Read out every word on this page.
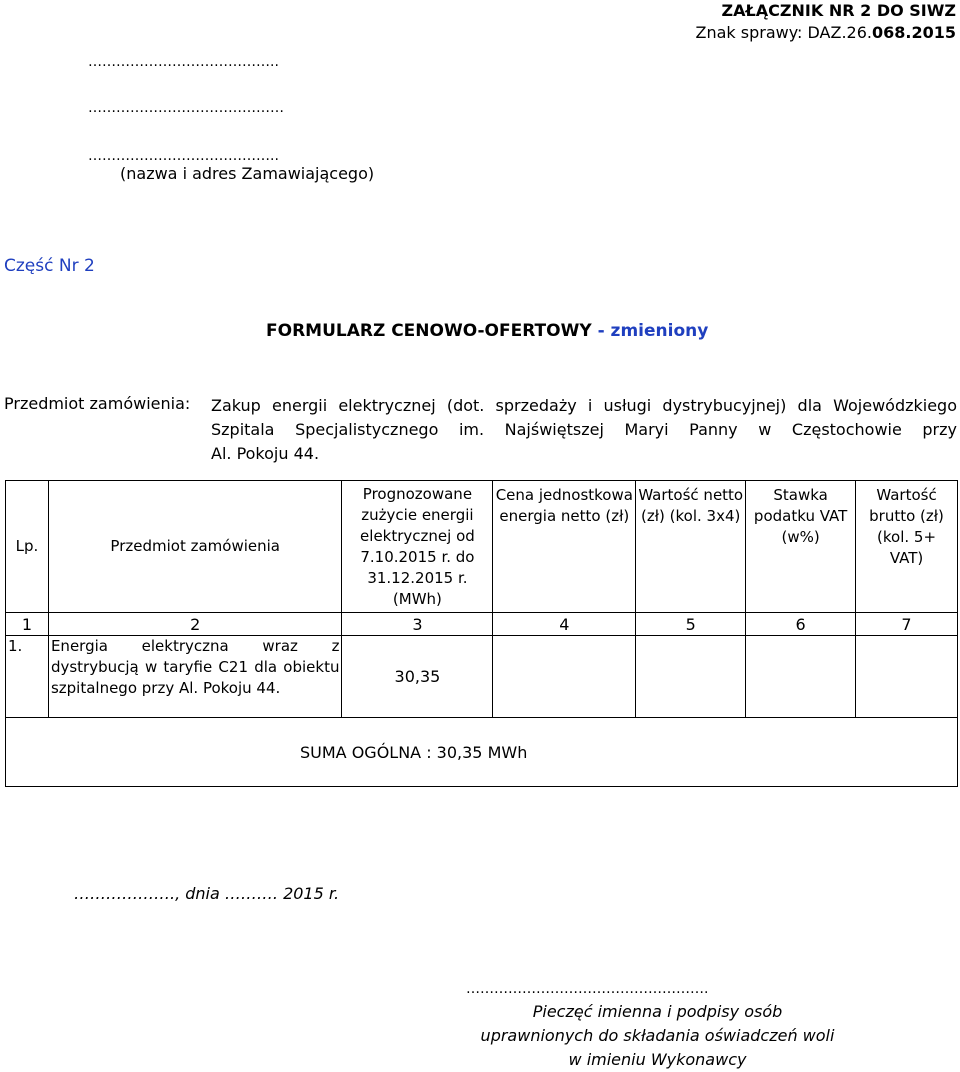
ZAŁĄCZNIK NR 2 DO SIWZ
Znak sprawy: DAZ.26.068.2015
…………………………………..
……………………………………
…………………………………..
(nazwa i adres Zamawiającego)
Część Nr 2
FORMULARZ CENOWO-OFERTOWY - zmieniony
Przedmiot zamówienia: Zakup energii elektrycznej (dot. sprzedaży i usługi dystrybucyjnej) dla Wojewódzkiego
Szpitala Specjalistycznego im. Najświętszej Maryi Panny w Częstochowie przy
Al. Pokoju 44.
Lp.	Przedmiot zamówienia	Prognozowane zużycie energii elektrycznej od 7.10.2015 r. do 31.12.2015 r. (MWh)	Cena jednostkowa energia netto (zł)	Wartość netto (zł) (kol. 3x4)	Stawka podatku VAT (w%)	Wartość brutto (zł) (kol. 5+ VAT)
1	2	3	4	5	6	7
1.	Energia elektryczna wraz z dystrybucją w taryfie C21 dla obiektu szpitalnego przy Al. Pokoju 44.	30,35				
SUMA OGÓLNA : 30,35 MWh						
………………., dnia ………. 2015 r.
…………………………………………….
Pieczęć imienna i podpisy osób
uprawnionych do składania oświadczeń woli
w imieniu Wykonawcy
